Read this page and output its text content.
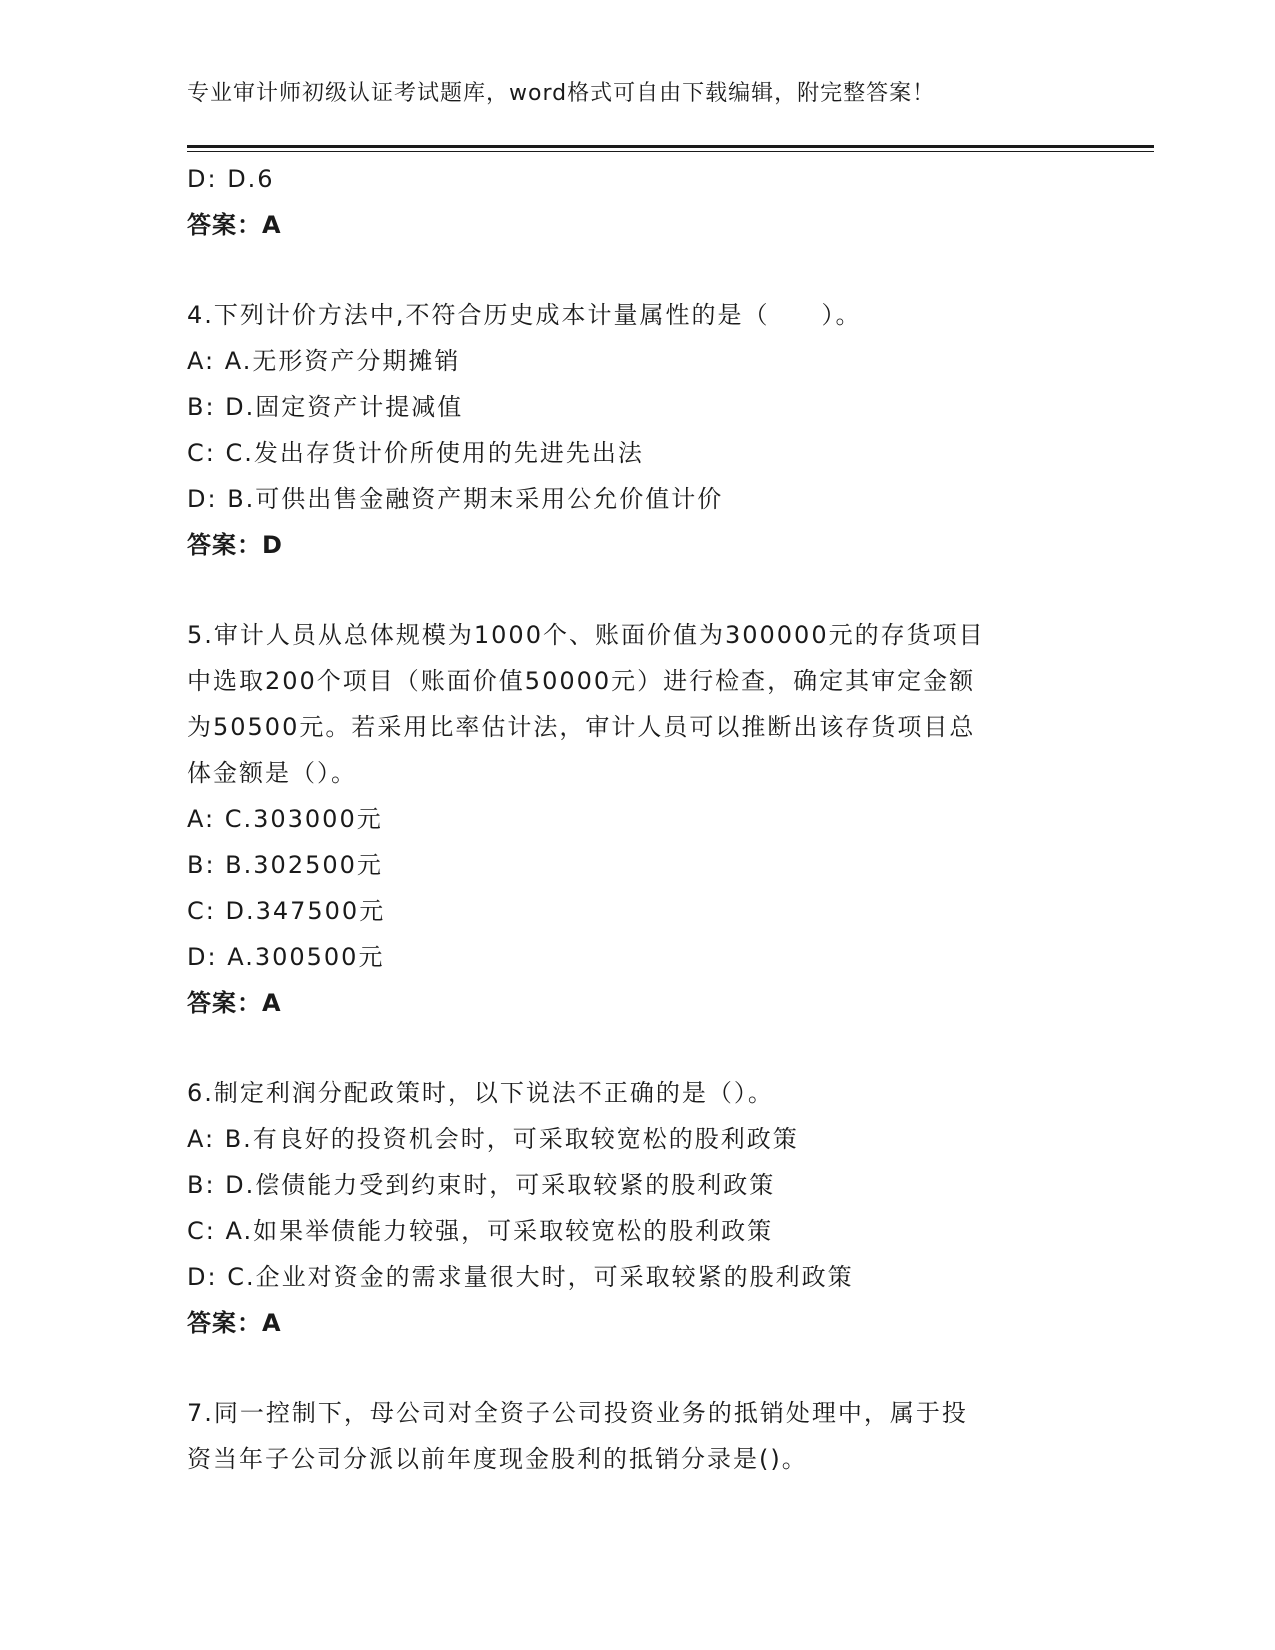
专业审计师初级认证考试题库，word格式可自由下载编辑，附完整答案！
D: D.6
答案：A
4.下列计价方法中,不符合历史成本计量属性的是（　　）。
A: A.无形资产分期摊销
B: D.固定资产计提减值
C: C.发出存货计价所使用的先进先出法
D: B.可供出售金融资产期末采用公允价值计价
答案：D
5.审计人员从总体规模为1000个、账面价值为300000元的存货项目
中选取200个项目（账面价值50000元）进行检查，确定其审定金额
为50500元。若采用比率估计法，审计人员可以推断出该存货项目总
体金额是（）。
A: C.303000元
B: B.302500元
C: D.347500元
D: A.300500元
答案：A
6.制定利润分配政策时，以下说法不正确的是（）。
A: B.有良好的投资机会时，可采取较宽松的股利政策
B: D.偿债能力受到约束时，可采取较紧的股利政策
C: A.如果举债能力较强，可采取较宽松的股利政策
D: C.企业对资金的需求量很大时，可采取较紧的股利政策
答案：A
7.同一控制下，母公司对全资子公司投资业务的抵销处理中，属于投
资当年子公司分派以前年度现金股利的抵销分录是()。
